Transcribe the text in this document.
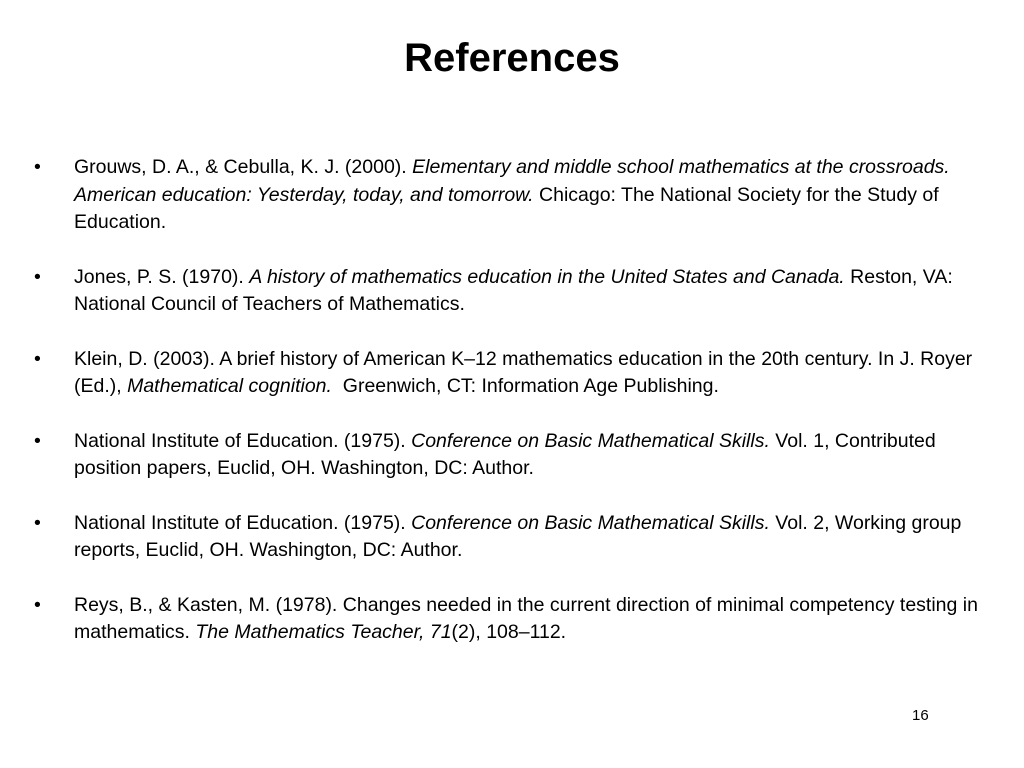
References
•	Grouws, D. A., & Cebulla, K. J. (2000). Elementary and middle school mathematics at the crossroads. American education: Yesterday, today, and tomorrow. Chicago: The National Society for the Study of Education.
•	Jones, P. S. (1970). A history of mathematics education in the United States and Canada. Reston, VA: National Council of Teachers of Mathematics.
•	Klein, D. (2003). A brief history of American K–12 mathematics education in the 20th century. In J. Royer (Ed.), Mathematical cognition.  Greenwich, CT: Information Age Publishing.
•	National Institute of Education. (1975). Conference on Basic Mathematical Skills. Vol. 1, Contributed position papers, Euclid, OH. Washington, DC: Author.
•	National Institute of Education. (1975). Conference on Basic Mathematical Skills. Vol. 2, Working group reports, Euclid, OH. Washington, DC: Author.
•	Reys, B., & Kasten, M. (1978). Changes needed in the current direction of minimal competency testing in mathematics. The Mathematics Teacher, 71(2), 108–112.
16
